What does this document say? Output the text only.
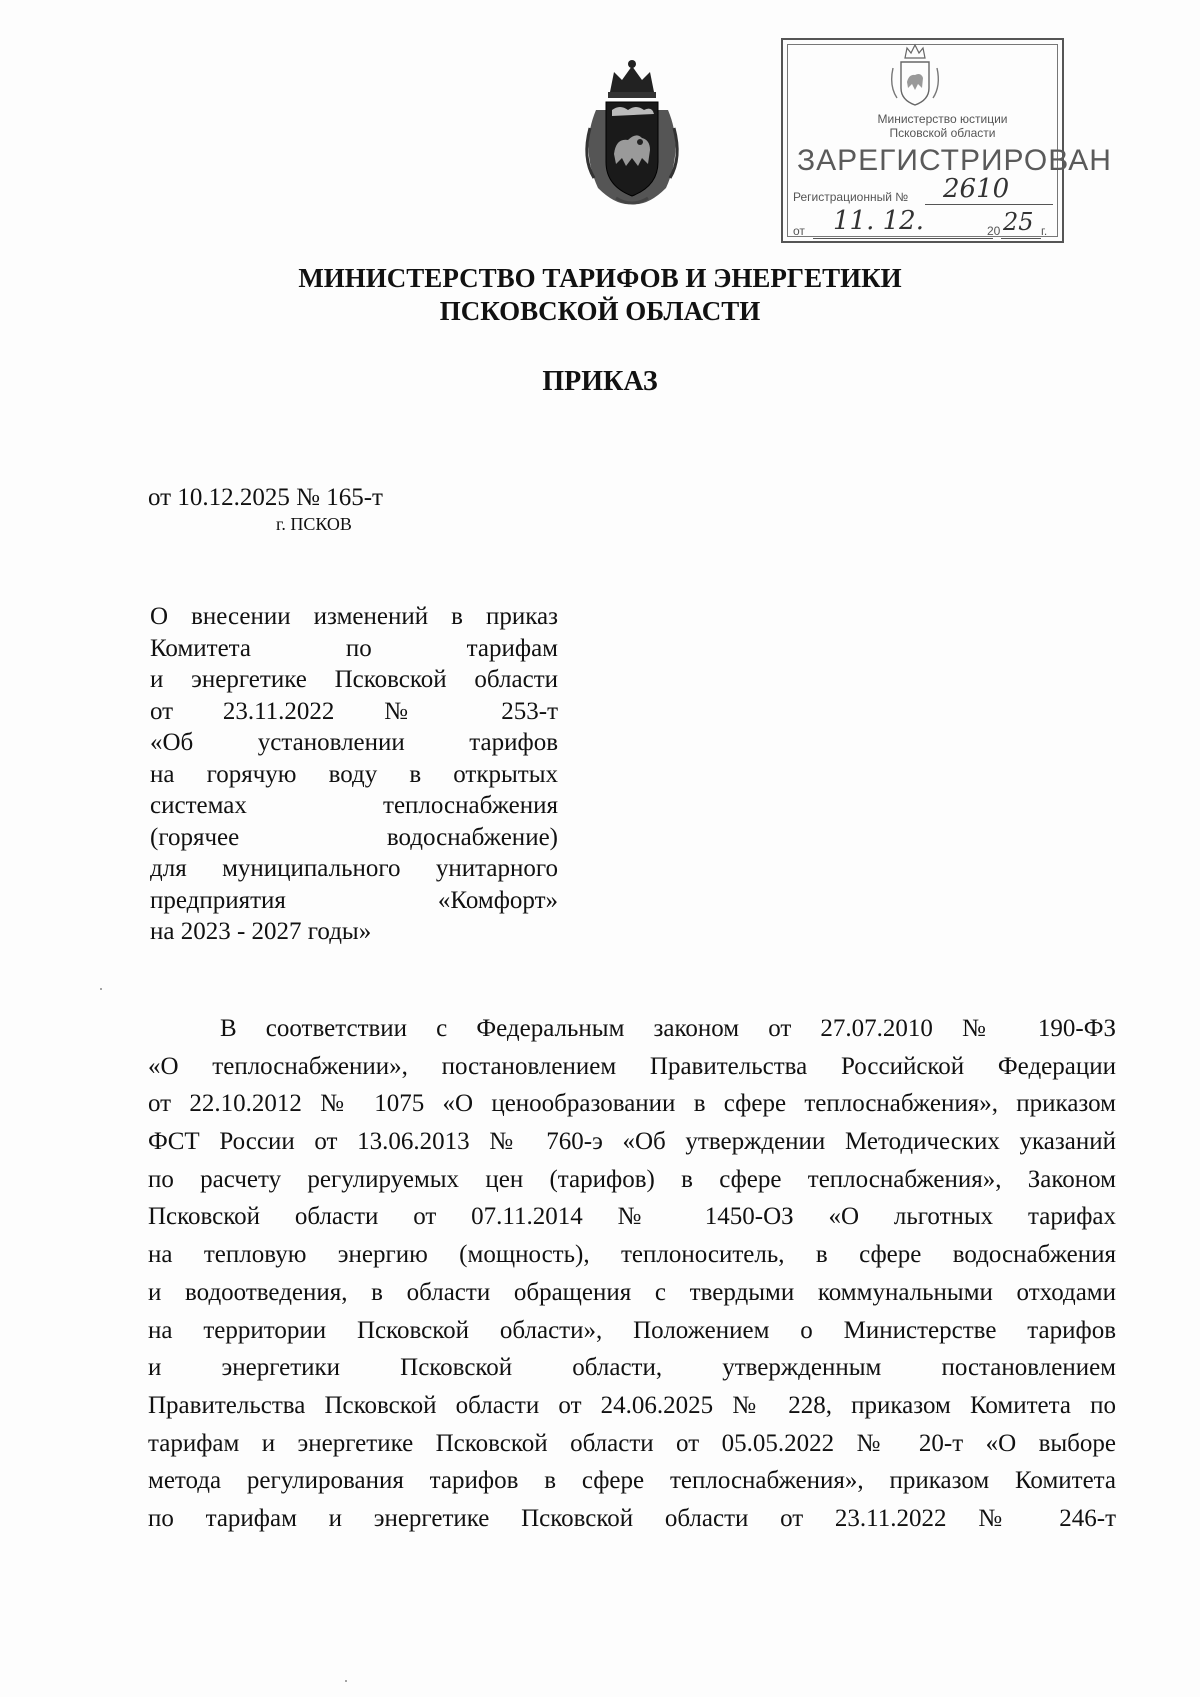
Министерство юстиции
Псковской области
ЗАРЕГИСТРИРОВАН
Регистрационный № 2610
от 11. 12.	20 25 г.
МИНИСТЕРСТВО ТАРИФОВ И ЭНЕРГЕТИКИ
ПСКОВСКОЙ ОБЛАСТИ
ПРИКАЗ
от 10.12.2025 № 165-т
г. ПСКОВ
О внесении изменений в приказ
Комитета по тарифам
и энергетике Псковской области
от 23.11.2022 № 253-т
«Об установлении тарифов
на горячую воду в открытых
системах теплоснабжения
(горячее водоснабжение)
для муниципального унитарного
предприятия «Комфорт»
на 2023 - 2027 годы»
В соответствии с Федеральным законом от 27.07.2010 № 190-ФЗ
«О теплоснабжении», постановлением Правительства Российской Федерации
от 22.10.2012 № 1075 «О ценообразовании в сфере теплоснабжения», приказом
ФСТ России от 13.06.2013 № 760-э «Об утверждении Методических указаний
по расчету регулируемых цен (тарифов) в сфере теплоснабжения», Законом
Псковской области от 07.11.2014 № 1450-ОЗ «О льготных тарифах
на тепловую энергию (мощность), теплоноситель, в сфере водоснабжения
и водоотведения, в области обращения с твердыми коммунальными отходами
на территории Псковской области», Положением о Министерстве тарифов
и энергетики Псковской области, утвержденным постановлением
Правительства Псковской области от 24.06.2025 № 228, приказом Комитета по
тарифам и энергетике Псковской области от 05.05.2022 № 20-т «О выборе
метода регулирования тарифов в сфере теплоснабжения», приказом Комитета
по тарифам и энергетике Псковской области от 23.11.2022 № 246-т
